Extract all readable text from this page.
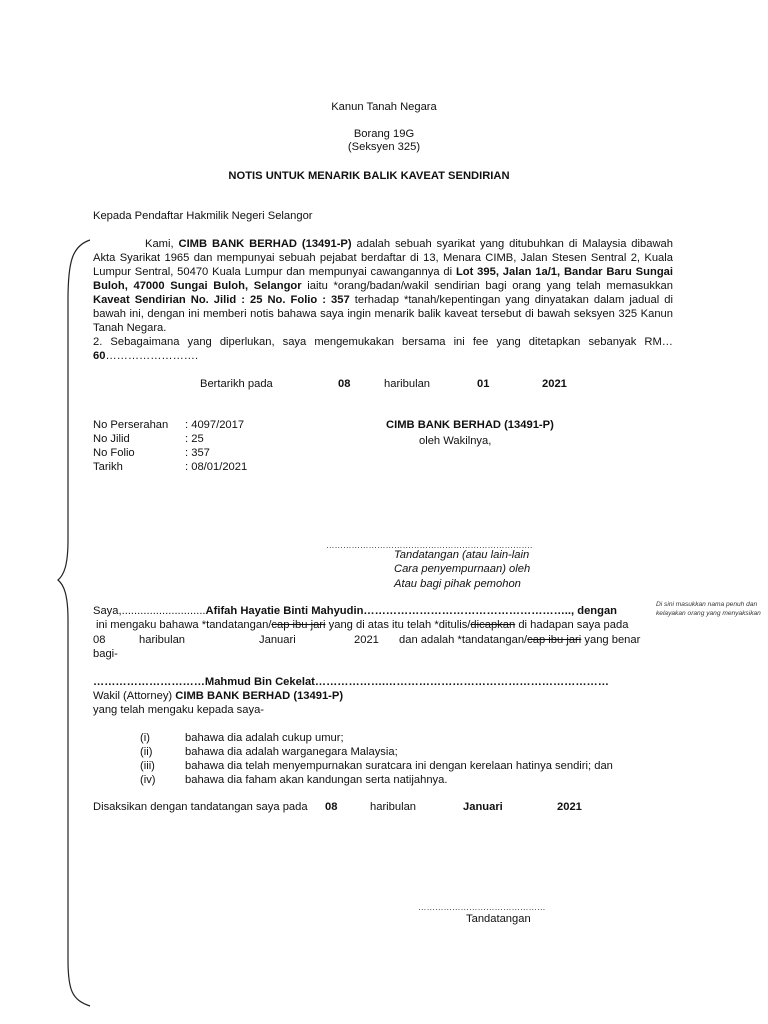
Kanun Tanah Negara
Borang 19G
(Seksyen 325)
NOTIS UNTUK MENARIK BALIK KAVEAT SENDIRIAN
Kepada Pendaftar Hakmilik Negeri Selangor
Kami, CIMB BANK BERHAD (13491-P) adalah sebuah syarikat yang ditubuhkan di Malaysia dibawah Akta Syarikat 1965 dan mempunyai sebuah pejabat berdaftar di 13, Menara CIMB, Jalan Stesen Sentral 2, Kuala Lumpur Sentral, 50470 Kuala Lumpur dan mempunyai cawangannya di Lot 395, Jalan 1a/1, Bandar Baru Sungai Buloh, 47000 Sungai Buloh, Selangor iaitu *orang/badan/wakil sendirian bagi orang yang telah memasukkan Kaveat Sendirian No. Jilid : 25 No. Folio : 357 terhadap *tanah/kepentingan yang dinyatakan dalam jadual di bawah ini, dengan ini memberi notis bahawa saya ingin menarik balik kaveat tersebut di bawah seksyen 325 Kanun Tanah Negara.
2. Sebagaimana yang diperlukan, saya mengemukakan bersama ini fee yang ditetapkan sebanyak RM…60…………………….
Bertarikh pada	08	haribulan	01	2021
No Perserahan : 4097/2017
No Jilid	: 25
No Folio	: 357
Tarikh	: 08/01/2021
CIMB BANK BERHAD (13491-P)
oleh Wakilnya,
……………………………………………………………….
Tandatangan (atau lain-lain
Cara penyempurnaan) oleh
Atau bagi pihak pemohon
Saya,...........................Afifah Hayatie Binti Mahyudin……………………………………………….., dengan
Di sini masukkan nama penuh dan kelayakan orang yang menyaksikan
ini mengaku bahawa *tandatangan/cap ibu jari yang di atas itu telah *ditulis/dicapkan di hadapan saya pada
08	haribulan	Januari	2021 dan adalah *tandatangan/cap ibu jari yang benar
bagi-
…………………………Mahmud Bin Cekelat……………….……………………………………………………
Wakil (Attorney) CIMB BANK BERHAD (13491-P)
yang telah mengaku kepada saya-
(i)	bahawa dia adalah cukup umur;
(ii)	bahawa dia adalah warganegara Malaysia;
(iii)	bahawa dia telah menyempurnakan suratcara ini dengan kerelaan hatinya sendiri; dan
(iv)	bahawa dia faham akan kandungan serta natijahnya.
Disaksikan dengan tandatangan saya pada 08	haribulan	Januari	2021
………………………………………
Tandatangan
